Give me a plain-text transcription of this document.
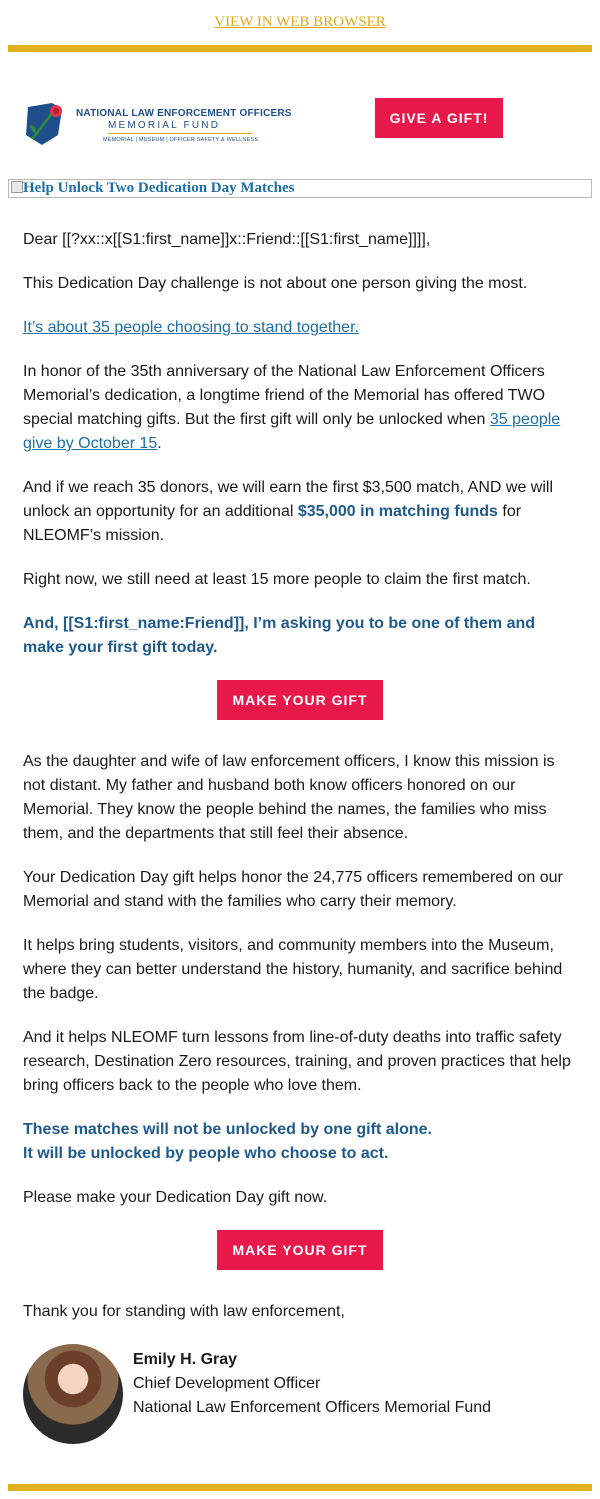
VIEW IN WEB BROWSER
NATIONAL LAW ENFORCEMENT OFFICERS
MEMORIAL FUND
MEMORIAL | MUSEUM | OFFICER SAFETY & WELLNESS
GIVE A GIFT!
Help Unlock Two Dedication Day Matches

Dear [[?xx::x[[S1:first_name]]x::Friend::[[S1:first_name]]]],

This Dedication Day challenge is not about one person giving the most.

It’s about 35 people choosing to stand together.

In honor of the 35th anniversary of the National Law Enforcement Officers Memorial’s dedication, a longtime friend of the Memorial has offered TWO special matching gifts. But the first gift will only be unlocked when 35 people give by October 15.

And if we reach 35 donors, we will earn the first $3,500 match, AND we will unlock an opportunity for an additional $35,000 in matching funds for NLEOMF’s mission.

Right now, we still need at least 15 more people to claim the first match.

And, [[S1:first_name:Friend]], I’m asking you to be one of them and make your first gift today.

MAKE YOUR GIFT

As the daughter and wife of law enforcement officers, I know this mission is not distant. My father and husband both know officers honored on our Memorial. They know the people behind the names, the families who miss them, and the departments that still feel their absence.

Your Dedication Day gift helps honor the 24,775 officers remembered on our Memorial and stand with the families who carry their memory.

It helps bring students, visitors, and community members into the Museum, where they can better understand the history, humanity, and sacrifice behind the badge.

And it helps NLEOMF turn lessons from line-of-duty deaths into traffic safety research, Destination Zero resources, training, and proven practices that help bring officers back to the people who love them.

These matches will not be unlocked by one gift alone.
It will be unlocked by people who choose to act.

Please make your Dedication Day gift now.

MAKE YOUR GIFT

Thank you for standing with law enforcement,

Emily H. Gray
Chief Development Officer
National Law Enforcement Officers Memorial Fund
